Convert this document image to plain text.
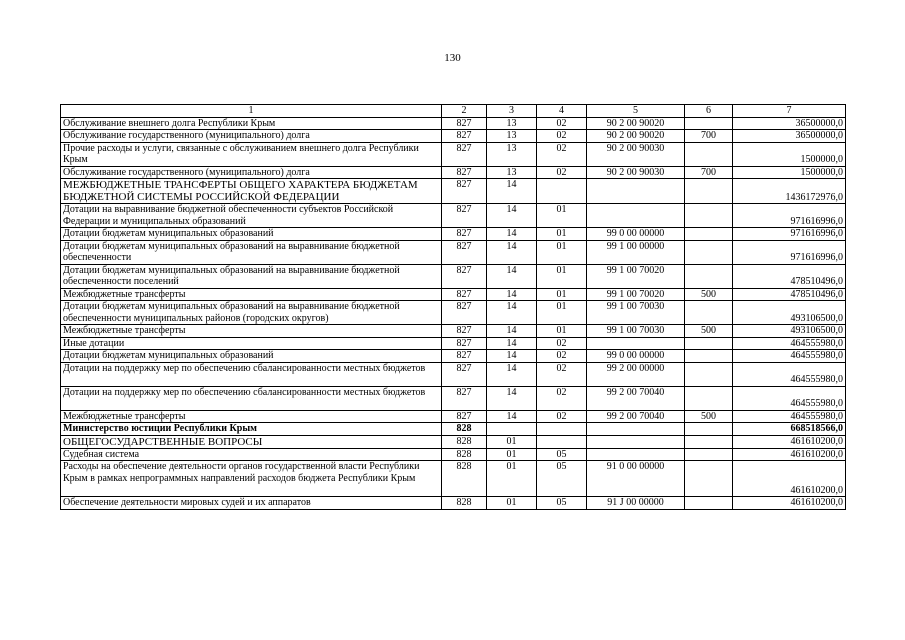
130
1	2	3	4	5	6	7
Обслуживание внешнего долга Республики Крым	827	13	02	90 2 00 90020		36500000,0
Обслуживание государственного (муниципального) долга	827	13	02	90 2 00 90020	700	36500000,0
Прочие расходы и услуги, связанные с обслуживанием внешнего долга Республики Крым	827	13	02	90 2 00 90030		1500000,0
Обслуживание государственного (муниципального) долга	827	13	02	90 2 00 90030	700	1500000,0
МЕЖБЮДЖЕТНЫЕ ТРАНСФЕРТЫ ОБЩЕГО ХАРАКТЕРА БЮДЖЕТАМ БЮДЖЕТНОЙ СИСТЕМЫ РОССИЙСКОЙ ФЕДЕРАЦИИ	827	14				1436172976,0
Дотации на выравнивание бюджетной обеспеченности субъектов Российской Федерации и муниципальных образований	827	14	01			971616996,0
Дотации бюджетам муниципальных образований	827	14	01	99 0 00 00000		971616996,0
Дотации бюджетам муниципальных образований на выравнивание бюджетной обеспеченности	827	14	01	99 1 00 00000		971616996,0
Дотации бюджетам муниципальных образований на выравнивание бюджетной обеспеченности поселений	827	14	01	99 1 00 70020		478510496,0
Межбюджетные трансферты	827	14	01	99 1 00 70020	500	478510496,0
Дотации бюджетам муниципальных образований на выравнивание бюджетной обеспеченности муниципальных районов (городских округов)	827	14	01	99 1 00 70030		493106500,0
Межбюджетные трансферты	827	14	01	99 1 00 70030	500	493106500,0
Иные дотации	827	14	02			464555980,0
Дотации бюджетам муниципальных образований	827	14	02	99 0 00 00000		464555980,0
Дотации на поддержку мер по обеспечению сбалансированности местных бюджетов	827	14	02	99 2 00 00000		464555980,0
Дотации на поддержку мер по обеспечению сбалансированности местных бюджетов	827	14	02	99 2 00 70040		464555980,0
Межбюджетные трансферты	827	14	02	99 2 00 70040	500	464555980,0
Министерство юстиции Республики Крым	828					668518566,0
ОБЩЕГОСУДАРСТВЕННЫЕ ВОПРОСЫ	828	01				461610200,0
Судебная система	828	01	05			461610200,0
Расходы на обеспечение деятельности органов государственной власти Республики Крым в рамках непрограммных направлений расходов бюджета Республики Крым	828	01	05	91 0 00 00000		461610200,0
Обеспечение деятельности мировых судей и их аппаратов	828	01	05	91 J 00 00000		461610200,0
